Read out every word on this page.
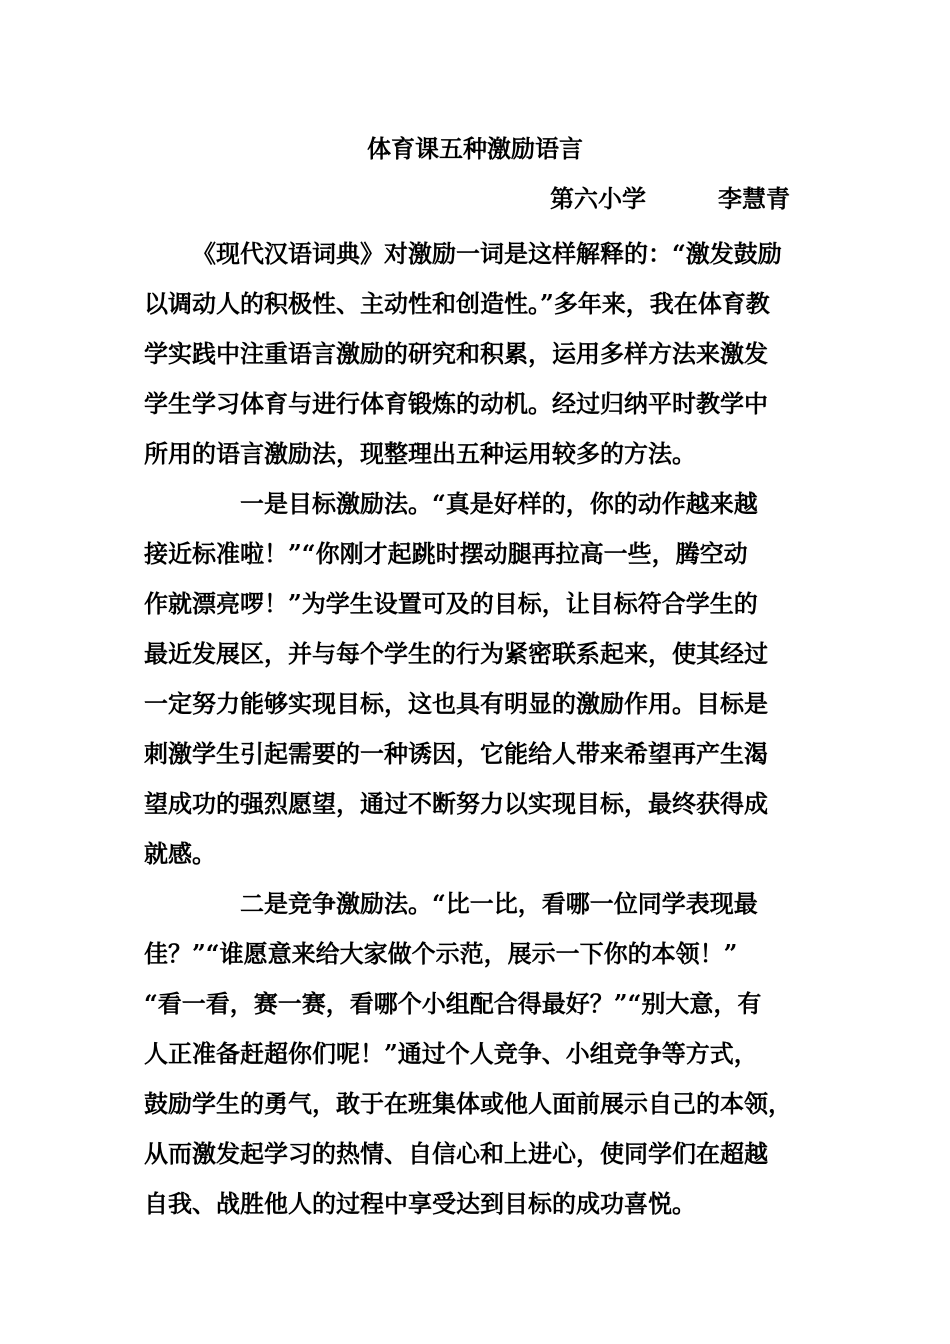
体育课五种激励语言
第六小学	李慧青
《现代汉语词典》对激励一词是这样解释的：“激发鼓励
以调动人的积极性、主动性和创造性。”多年来，我在体育教
学实践中注重语言激励的研究和积累，运用多样方法来激发
学生学习体育与进行体育锻炼的动机。经过归纳平时教学中
所用的语言激励法，现整理出五种运用较多的方法。
一是目标激励法。“真是好样的，你的动作越来越
接近标准啦！”“你刚才起跳时摆动腿再拉高一些，腾空动
作就漂亮啰！”为学生设置可及的目标，让目标符合学生的
最近发展区，并与每个学生的行为紧密联系起来，使其经过
一定努力能够实现目标，这也具有明显的激励作用。目标是
刺激学生引起需要的一种诱因，它能给人带来希望再产生渴
望成功的强烈愿望，通过不断努力以实现目标，最终获得成
就感。
二是竞争激励法。“比一比，看哪一位同学表现最
佳？”“谁愿意来给大家做个示范，展示一下你的本领！”
“看一看，赛一赛，看哪个小组配合得最好？”“别大意，有
人正准备赶超你们呢！”通过个人竞争、小组竞争等方式，
鼓励学生的勇气，敢于在班集体或他人面前展示自己的本领，
从而激发起学习的热情、自信心和上进心，使同学们在超越
自我、战胜他人的过程中享受达到目标的成功喜悦。
